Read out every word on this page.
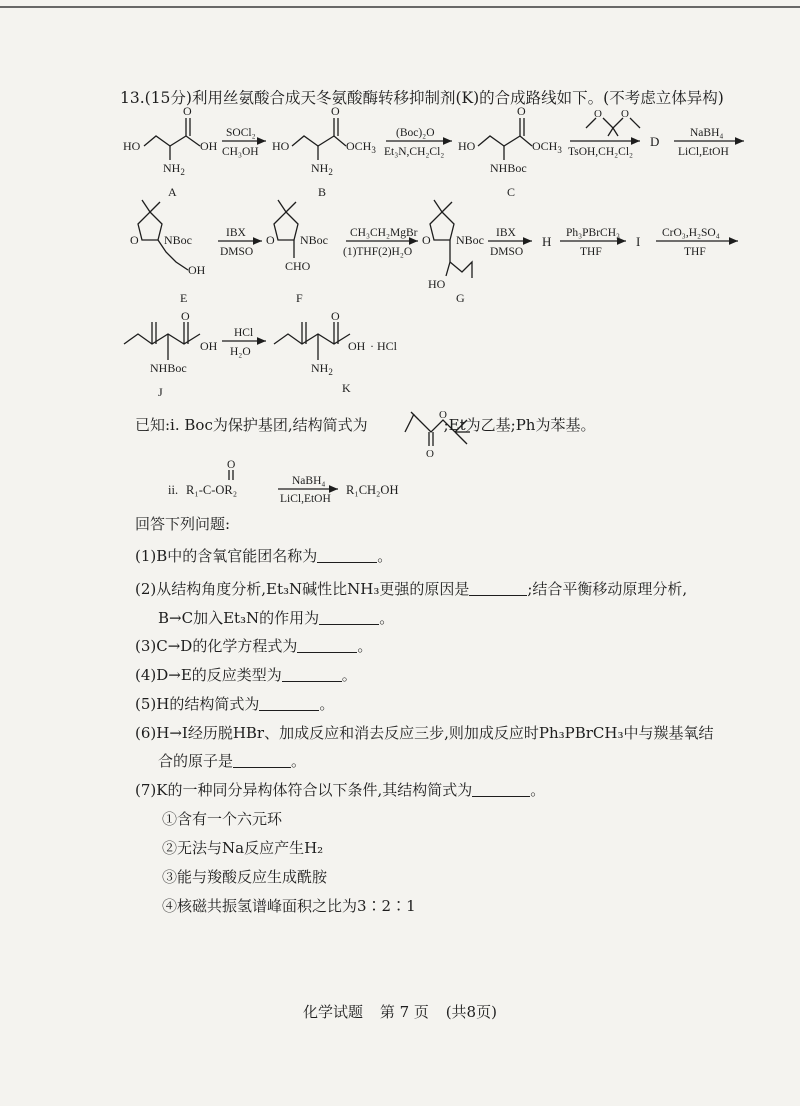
13.(15分)利用丝氨酸合成天冬氨酸酶转移抑制剂(K)的合成路线如下。(不考虑立体异构)
HO
O
OH
$NH_2$
A
SOCl₂
CH₃OH HO
O
$OCH_3$
$NH_2$
B
(Boc)₂O
Et₃N,CH₂Cl₂ HO
O
$OCH_3$
NHBoc
C
O O
TsOH,CH₂Cl₂
D
NaBH₄
LiCl,EtOH
O NBoc
OH
E
IBX
DMSO
O NBoc
CHO
F
CH₃CH₂MgBr
(1)THF(2)H₂O
O NBoc
HO
G
IBX
DMSO
H
Ph₃PBrCH₃
THF
I
CrO₃,H₂SO₄
THF
O
OH
NHBoc
J
HCl
H₂O
O
OH · HCl
$NH_2$
K
O
O
ii. R₁-C-OR₂
O
NaBH₄
LiCl,EtOH
R₁CH₂OH
已知:i. Boc为保护基团,结构简式为	;Et为乙基;Ph为苯基。
回答下列问题:
(1)B中的含氧官能团名称为	。
(2)从结构角度分析,Et₃N碱性比NH₃更强的原因是	;结合平衡移动原理分析,
B→C加入Et₃N的作用为	。
(3)C→D的化学方程式为	。
(4)D→E的反应类型为	。
(5)H的结构简式为	。
(6)H→I经历脱HBr、加成反应和消去反应三步,则加成反应时Ph₃PBrCH₃中与羰基氧结
合的原子是	。
(7)K的一种同分异构体符合以下条件,其结构简式为	。
①含有一个六元环
②无法与Na反应产生H₂
③能与羧酸反应生成酰胺
④核磁共振氢谱峰面积之比为3∶2∶1
化学试题 第 7 页 (共8页)
